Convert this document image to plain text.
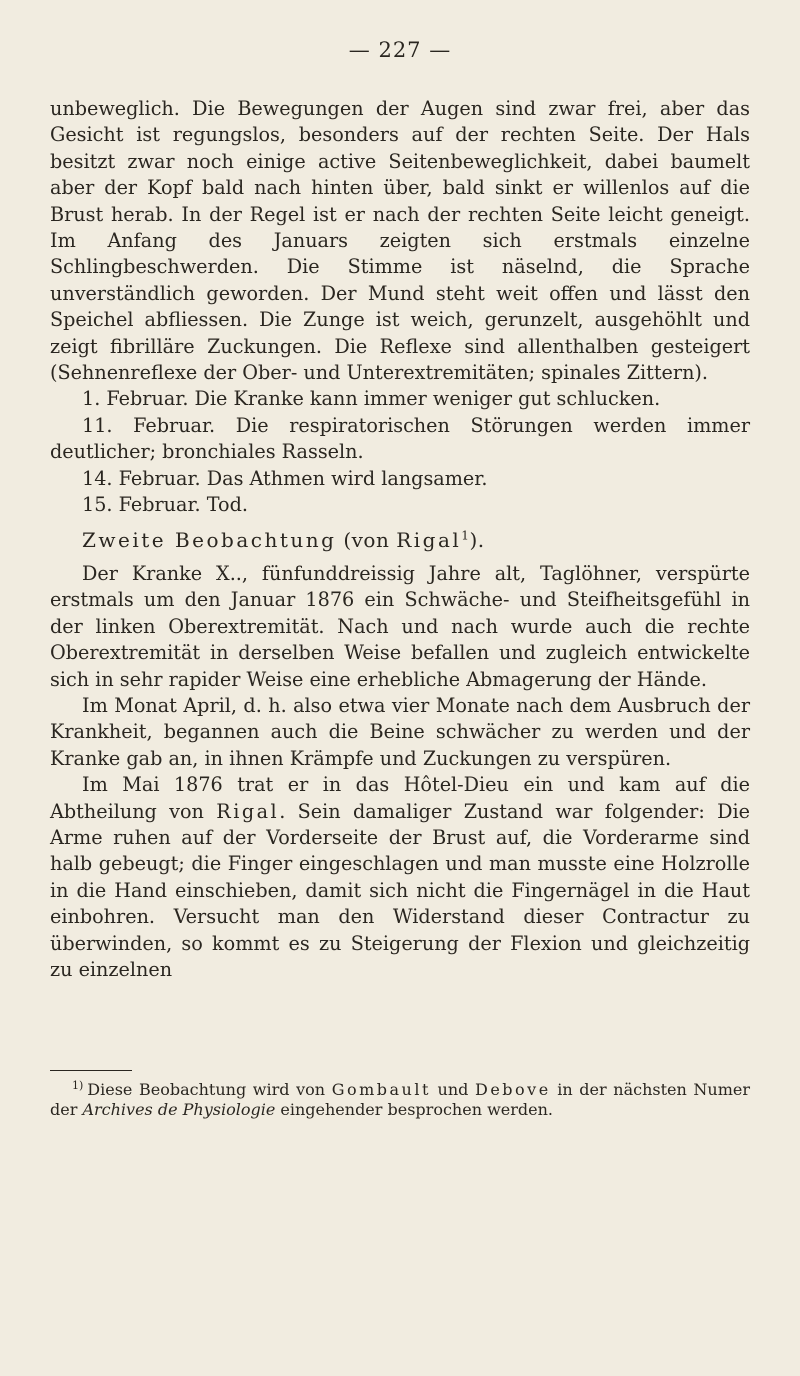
— 227 —

unbeweglich. Die Bewegungen der Augen sind zwar frei, aber das Gesicht ist regungslos, besonders auf der rechten Seite. Der Hals besitzt zwar noch einige active Seitenbeweglichkeit, dabei baumelt aber der Kopf bald nach hinten über, bald sinkt er willenlos auf die Brust herab. In der Regel ist er nach der rechten Seite leicht geneigt. Im Anfang des Januars zeigten sich erstmals einzelne Schlingbeschwerden. Die Stimme ist näselnd, die Sprache unverständlich geworden. Der Mund steht weit offen und lässt den Speichel abfliessen. Die Zunge ist weich, gerunzelt, ausgehöhlt und zeigt fibrilläre Zuckungen. Die Reflexe sind allenthalben gesteigert (Sehnenreflexe der Ober- und Unterextremitäten; spinales Zittern).

1. Februar. Die Kranke kann immer weniger gut schlucken.

11. Februar. Die respiratorischen Störungen werden immer deutlicher; bronchiales Rasseln.

14. Februar. Das Athmen wird langsamer.

15. Februar. Tod.

Zweite Beobachtung (von Rigal$^1$).

Der Kranke X.., fünfunddreissig Jahre alt, Taglöhner, verspürte erstmals um den Januar 1876 ein Schwäche- und Steifheitsgefühl in der linken Oberextremität. Nach und nach wurde auch die rechte Oberextremität in derselben Weise befallen und zugleich entwickelte sich in sehr rapider Weise eine erhebliche Abmagerung der Hände.

Im Monat April, d. h. also etwa vier Monate nach dem Ausbruch der Krankheit, begannen auch die Beine schwächer zu werden und der Kranke gab an, in ihnen Krämpfe und Zuckungen zu verspüren.

Im Mai 1876 trat er in das Hôtel-Dieu ein und kam auf die Abtheilung von Rigal. Sein damaliger Zustand war folgender: Die Arme ruhen auf der Vorderseite der Brust auf, die Vorderarme sind halb gebeugt; die Finger eingeschlagen und man musste eine Holzrolle in die Hand einschieben, damit sich nicht die Fingernägel in die Haut einbohren. Versucht man den Widerstand dieser Contractur zu überwinden, so kommt es zu Steigerung der Flexion und gleichzeitig zu einzelnen

$^{1)}$ Diese Beobachtung wird von Gombault und Debove in der nächsten Numer der Archives de Physiologie eingehender besprochen werden.
